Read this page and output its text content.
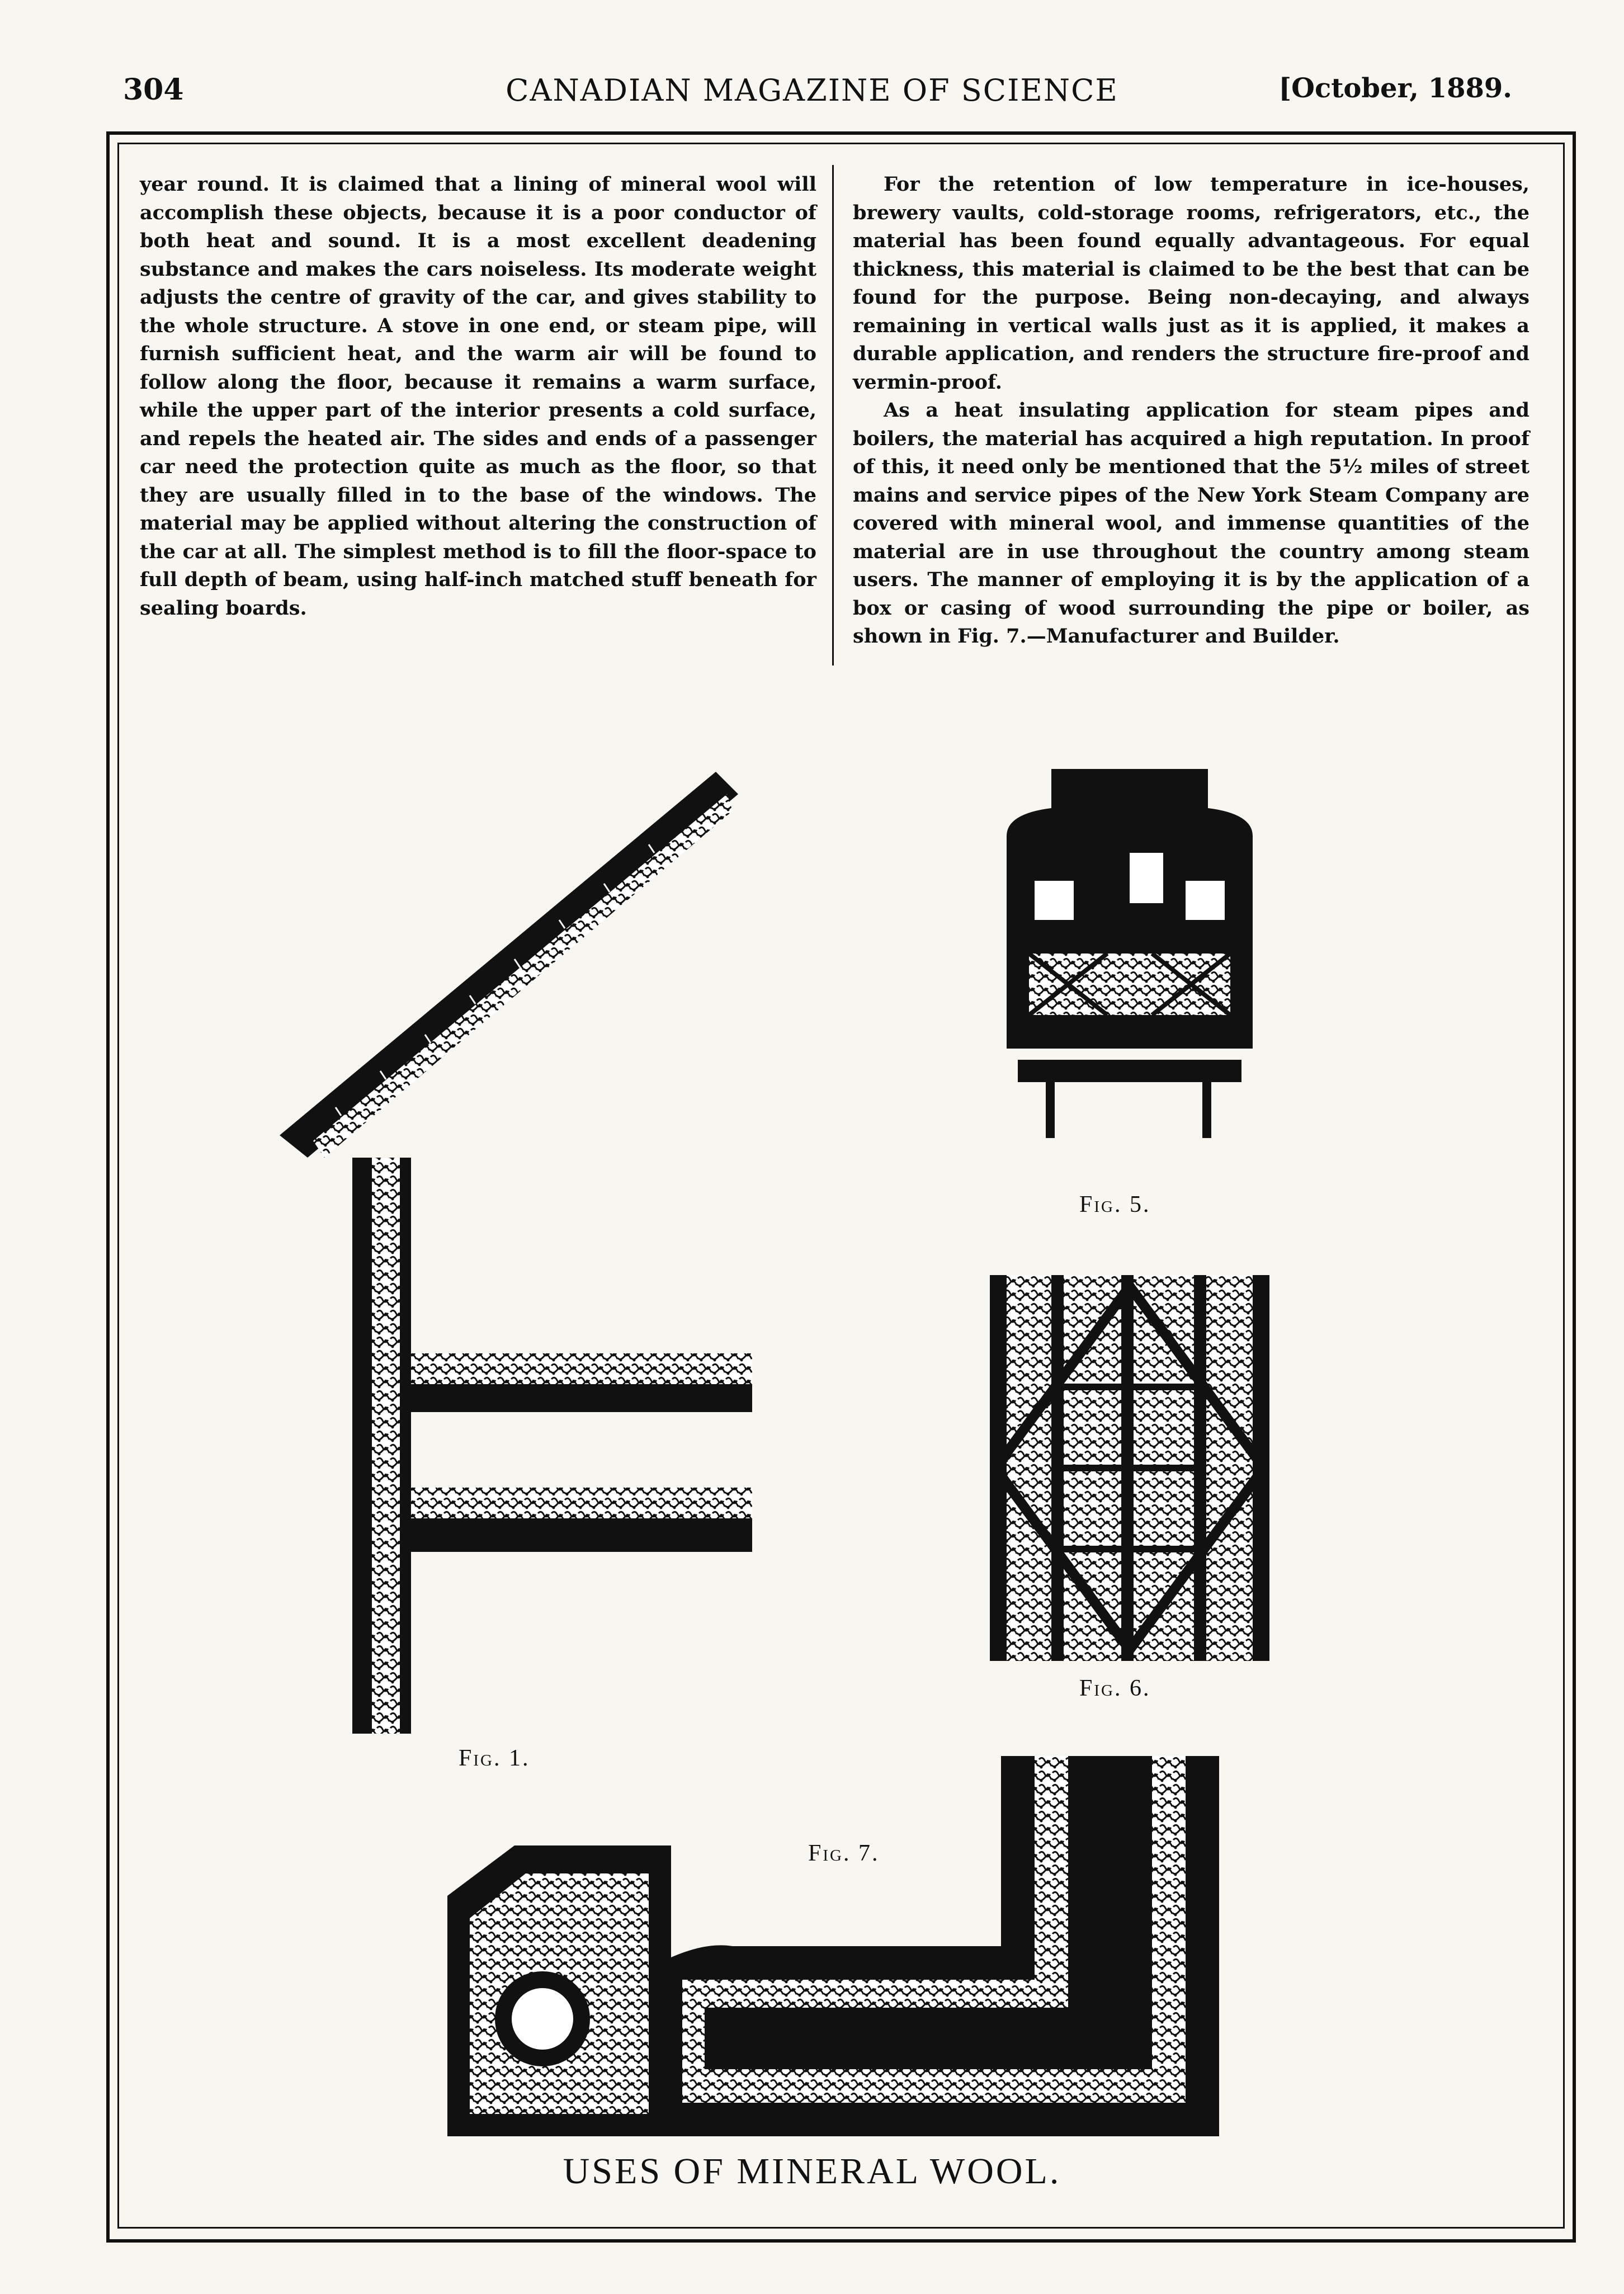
304	CANADIAN MAGAZINE OF SCIENCE	[October, 1889.

year round. It is claimed that a lining of mineral wool will accomplish these objects, because it is a poor conductor of both heat and sound. It is a most excellent deadening substance and makes the cars noiseless. Its moderate weight adjusts the centre of gravity of the car, and gives stability to the whole structure. A stove in one end, or steam pipe, will furnish sufficient heat, and the warm air will be found to follow along the floor, because it remains a warm surface, while the upper part of the interior presents a cold surface, and repels the heated air. The sides and ends of a passenger car need the protection quite as much as the floor, so that they are usually filled in to the base of the windows. The material may be applied without altering the construction of the car at all. The simplest method is to fill the floor-space to full depth of beam, using half-inch matched stuff beneath for sealing boards.

For the retention of low temperature in ice-houses, brewery vaults, cold-storage rooms, refrigerators, etc., the material has been found equally advantageous. For equal thickness, this material is claimed to be the best that can be found for the purpose. Being non-decaying, and always remaining in vertical walls just as it is applied, it makes a durable application, and renders the structure fire-proof and vermin-proof.

As a heat insulating application for steam pipes and boilers, the material has acquired a high reputation. In proof of this, it need only be mentioned that the 5½ miles of street mains and service pipes of the New York Steam Company are covered with mineral wool, and immense quantities of the material are in use throughout the country among steam users. The manner of employing it is by the application of a box or casing of wood surrounding the pipe or boiler, as shown in Fig. 7.—Manufacturer and Builder.

Fig. 1.
Fig. 5.
Fig. 6.
Fig. 7.
USES OF MINERAL WOOL.
